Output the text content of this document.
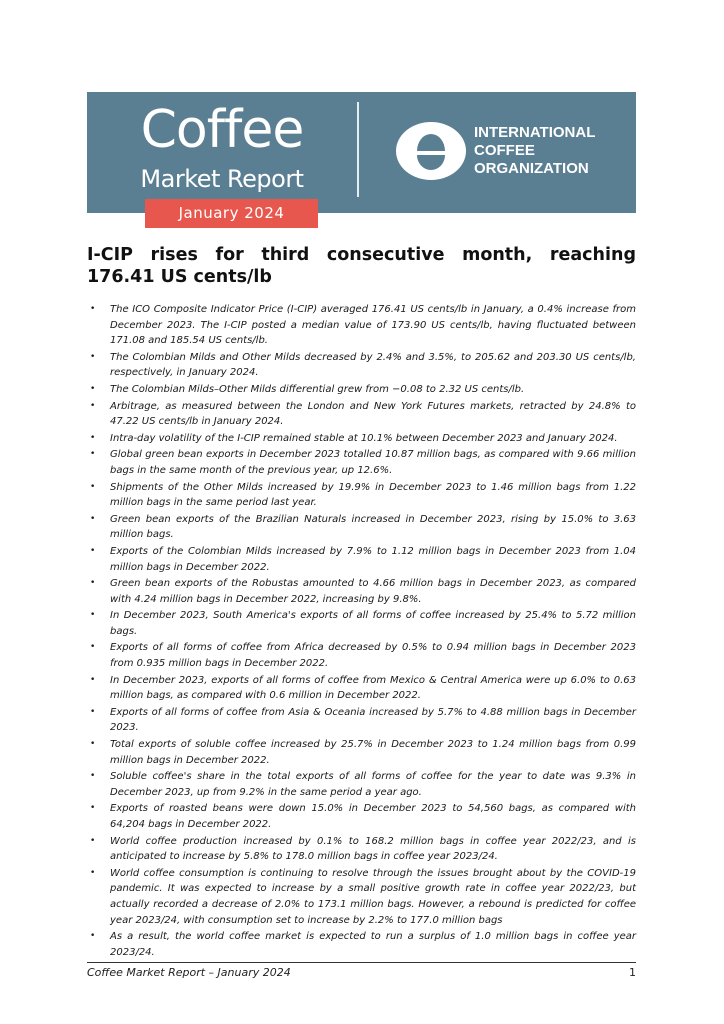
Coffee
Market Report
INTERNATIONAL
COFFEE
ORGANIZATION
January 2024
I-CIP rises for third consecutive month, reaching
176.41 US cents/lb
• The ICO Composite Indicator Price (I-CIP) averaged 176.41 US cents/lb in January, a 0.4% increase from December 2023. The I-CIP posted a median value of 173.90 US cents/lb, having fluctuated between 171.08 and 185.54 US cents/lb.
• The Colombian Milds and Other Milds decreased by 2.4% and 3.5%, to 205.62 and 203.30 US cents/lb, respectively, in January 2024.
• The Colombian Milds–Other Milds differential grew from −0.08 to 2.32 US cents/lb.
• Arbitrage, as measured between the London and New York Futures markets, retracted by 24.8% to 47.22 US cents/lb in January 2024.
• Intra-day volatility of the I-CIP remained stable at 10.1% between December 2023 and January 2024.
• Global green bean exports in December 2023 totalled 10.87 million bags, as compared with 9.66 million bags in the same month of the previous year, up 12.6%.
• Shipments of the Other Milds increased by 19.9% in December 2023 to 1.46 million bags from 1.22 million bags in the same period last year.
• Green bean exports of the Brazilian Naturals increased in December 2023, rising by 15.0% to 3.63 million bags.
• Exports of the Colombian Milds increased by 7.9% to 1.12 million bags in December 2023 from 1.04 million bags in December 2022.
• Green bean exports of the Robustas amounted to 4.66 million bags in December 2023, as compared with 4.24 million bags in December 2022, increasing by 9.8%.
• In December 2023, South America's exports of all forms of coffee increased by 25.4% to 5.72 million bags.
• Exports of all forms of coffee from Africa decreased by 0.5% to 0.94 million bags in December 2023 from 0.935 million bags in December 2022.
• In December 2023, exports of all forms of coffee from Mexico & Central America were up 6.0% to 0.63 million bags, as compared with 0.6 million in December 2022.
• Exports of all forms of coffee from Asia & Oceania increased by 5.7% to 4.88 million bags in December 2023.
• Total exports of soluble coffee increased by 25.7% in December 2023 to 1.24 million bags from 0.99 million bags in December 2022.
• Soluble coffee's share in the total exports of all forms of coffee for the year to date was 9.3% in December 2023, up from 9.2% in the same period a year ago.
• Exports of roasted beans were down 15.0% in December 2023 to 54,560 bags, as compared with 64,204 bags in December 2022.
• World coffee production increased by 0.1% to 168.2 million bags in coffee year 2022/23, and is anticipated to increase by 5.8% to 178.0 million bags in coffee year 2023/24.
• World coffee consumption is continuing to resolve through the issues brought about by the COVID-19 pandemic. It was expected to increase by a small positive growth rate in coffee year 2022/23, but actually recorded a decrease of 2.0% to 173.1 million bags. However, a rebound is predicted for coffee year 2023/24, with consumption set to increase by 2.2% to 177.0 million bags
• As a result, the world coffee market is expected to run a surplus of 1.0 million bags in coffee year 2023/24.
Coffee Market Report – January 2024	1
